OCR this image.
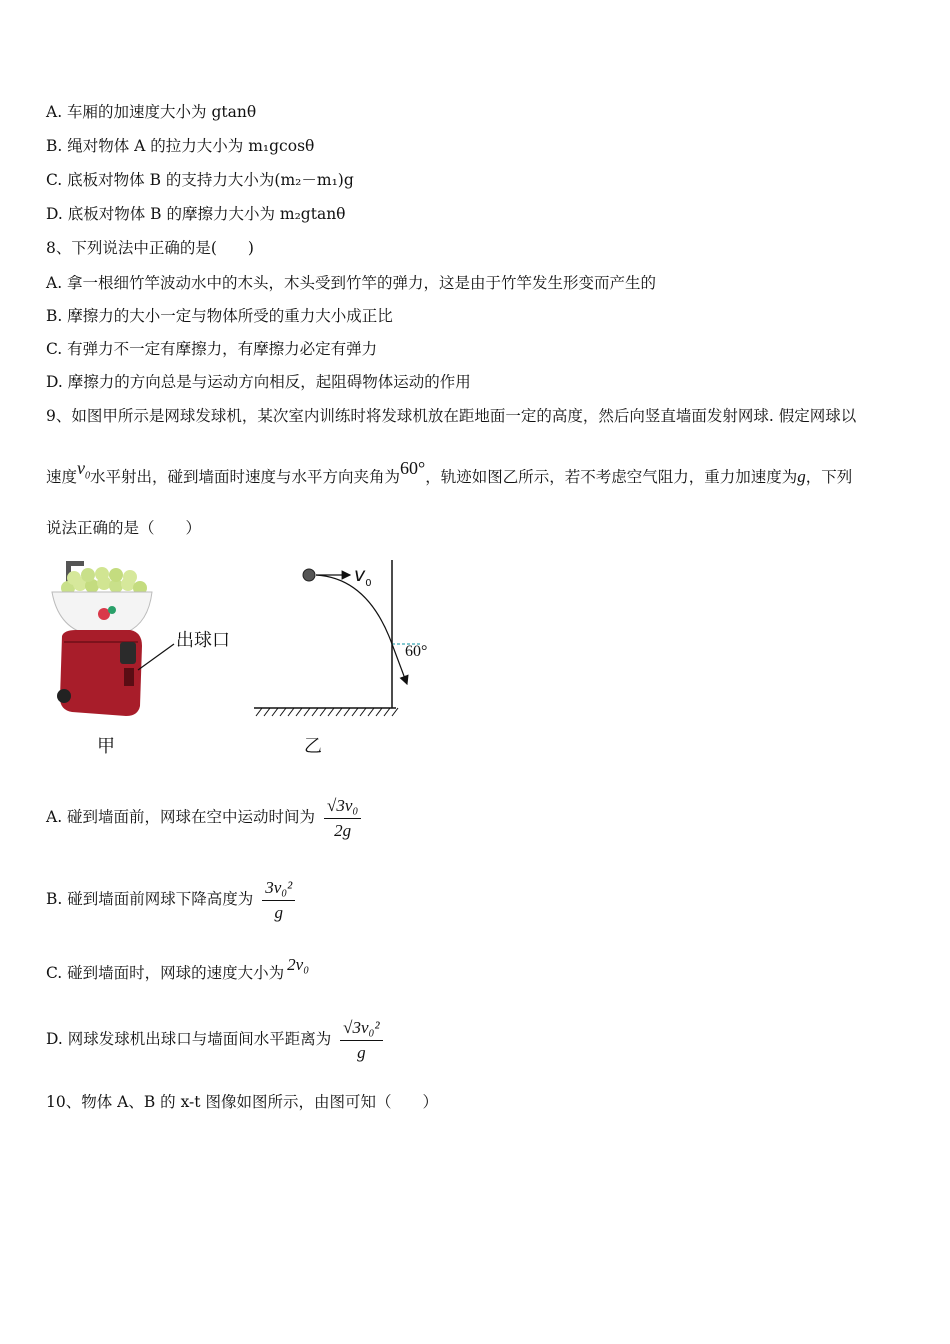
A. 车厢的加速度大小为 gtanθ
B. 绳对物体 A 的拉力大小为 m₁gcosθ
C. 底板对物体 B 的支持力大小为(m₂－m₁)g
D. 底板对物体 B 的摩擦力大小为 m₂gtanθ
8、下列说法中正确的是(　　)
A. 拿一根细竹竿波动水中的木头，木头受到竹竿的弹力，这是由于竹竿发生形变而产生的
B. 摩擦力的大小一定与物体所受的重力大小成正比
C. 有弹力不一定有摩擦力，有摩擦力必定有弹力
D. 摩擦力的方向总是与运动方向相反，起阻碍物体运动的作用
9、如图甲所示是网球发球机，某次室内训练时将发球机放在距地面一定的高度，然后向竖直墙面发射网球. 假定网球以
速度$v_0$水平射出，碰到墙面时速度与水平方向夹角为60°，轨迹如图乙所示，若不考虑空气阻力，重力加速度为g，下列
说法正确的是（　　）
出球口
甲
$v_0$
60°
乙
A. 碰到墙面前，网球在空中运动时间为 $\frac{\text{√3v₀}}{2g}$
B. 碰到墙面前网球下降高度为 $\frac{\text{3v₀²}}{g}$
C. 碰到墙面时，网球的速度大小为 2v₀
D. 网球发球机出球口与墙面间水平距离为 $\frac{\text{√3v₀²}}{g}$
10、物体 A、B 的 x-t 图像如图所示，由图可知（　　）
